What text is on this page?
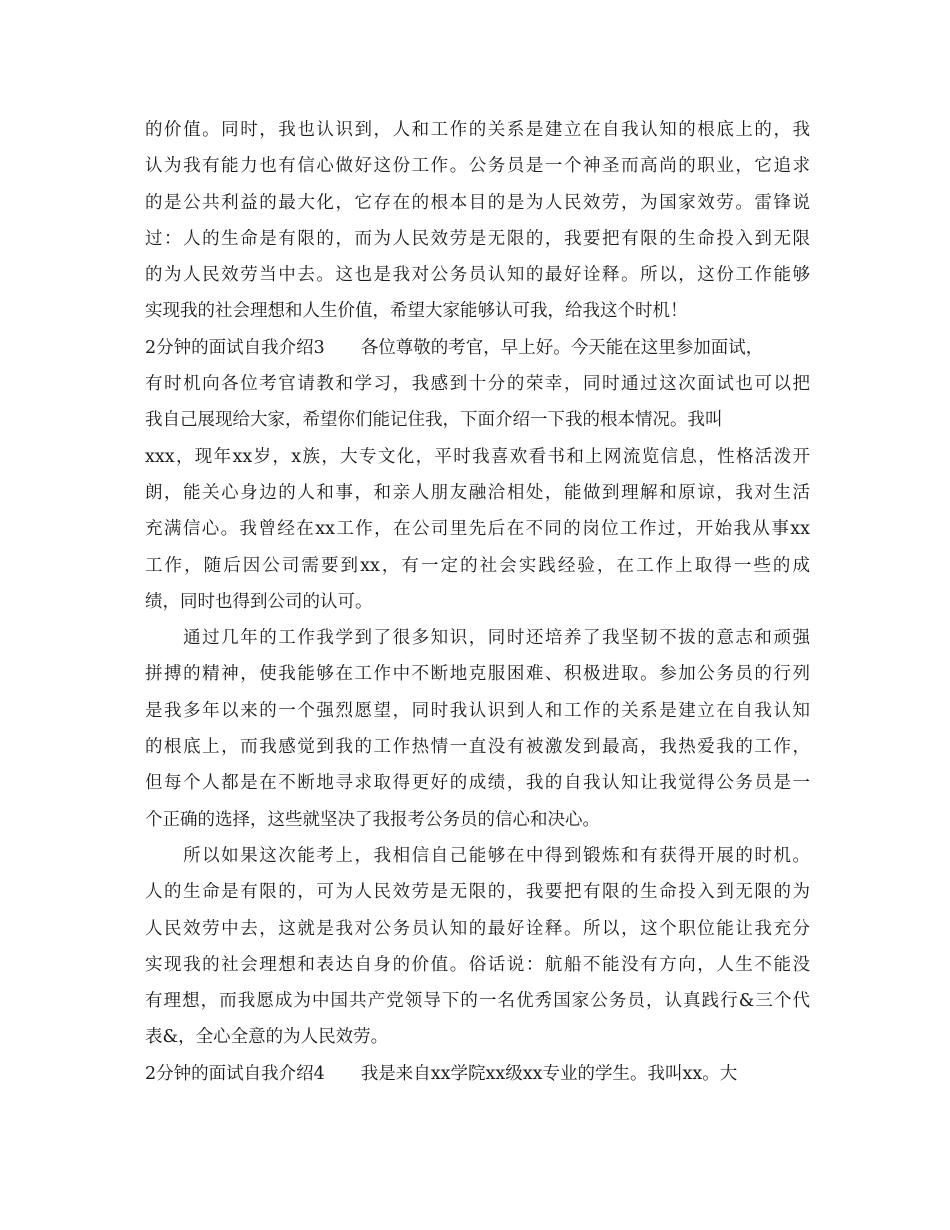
的价值。同时，我也认识到，人和工作的关系是建立在自我认知的根底上的，我
认为我有能力也有信心做好这份工作。公务员是一个神圣而高尚的职业，它追求
的是公共利益的最大化，它存在的根本目的是为人民效劳，为国家效劳。雷锋说
过：人的生命是有限的，而为人民效劳是无限的，我要把有限的生命投入到无限
的为人民效劳当中去。这也是我对公务员认知的最好诠释。所以，这份工作能够
实现我的社会理想和人生价值，希望大家能够认可我，给我这个时机！
2分钟的面试自我介绍3 各位尊敬的考官，早上好。今天能在这里参加面试，
有时机向各位考官请教和学习，我感到十分的荣幸，同时通过这次面试也可以把
我自己展现给大家，希望你们能记住我，下面介绍一下我的根本情况。我叫
xxx，现年xx岁，x族，大专文化，平时我喜欢看书和上网流览信息，性格活泼开
朗，能关心身边的人和事，和亲人朋友融洽相处，能做到理解和原谅，我对生活
充满信心。我曾经在xx工作，在公司里先后在不同的岗位工作过，开始我从事xx
工作，随后因公司需要到xx，有一定的社会实践经验，在工作上取得一些的成
绩，同时也得到公司的认可。
　　通过几年的工作我学到了很多知识，同时还培养了我坚韧不拔的意志和顽强
拼搏的精神，使我能够在工作中不断地克服困难、积极进取。参加公务员的行列
是我多年以来的一个强烈愿望，同时我认识到人和工作的关系是建立在自我认知
的根底上，而我感觉到我的工作热情一直没有被激发到最高，我热爱我的工作，
但每个人都是在不断地寻求取得更好的成绩，我的自我认知让我觉得公务员是一
个正确的选择，这些就坚决了我报考公务员的信心和决心。
　　所以如果这次能考上，我相信自己能够在中得到锻炼和有获得开展的时机。
人的生命是有限的，可为人民效劳是无限的，我要把有限的生命投入到无限的为
人民效劳中去，这就是我对公务员认知的最好诠释。所以，这个职位能让我充分
实现我的社会理想和表达自身的价值。俗话说：航船不能没有方向，人生不能没
有理想，而我愿成为中国共产党领导下的一名优秀国家公务员，认真践行&三个代
表&，全心全意的为人民效劳。
2分钟的面试自我介绍4 我是来自xx学院xx级xx专业的学生。我叫xx。大
